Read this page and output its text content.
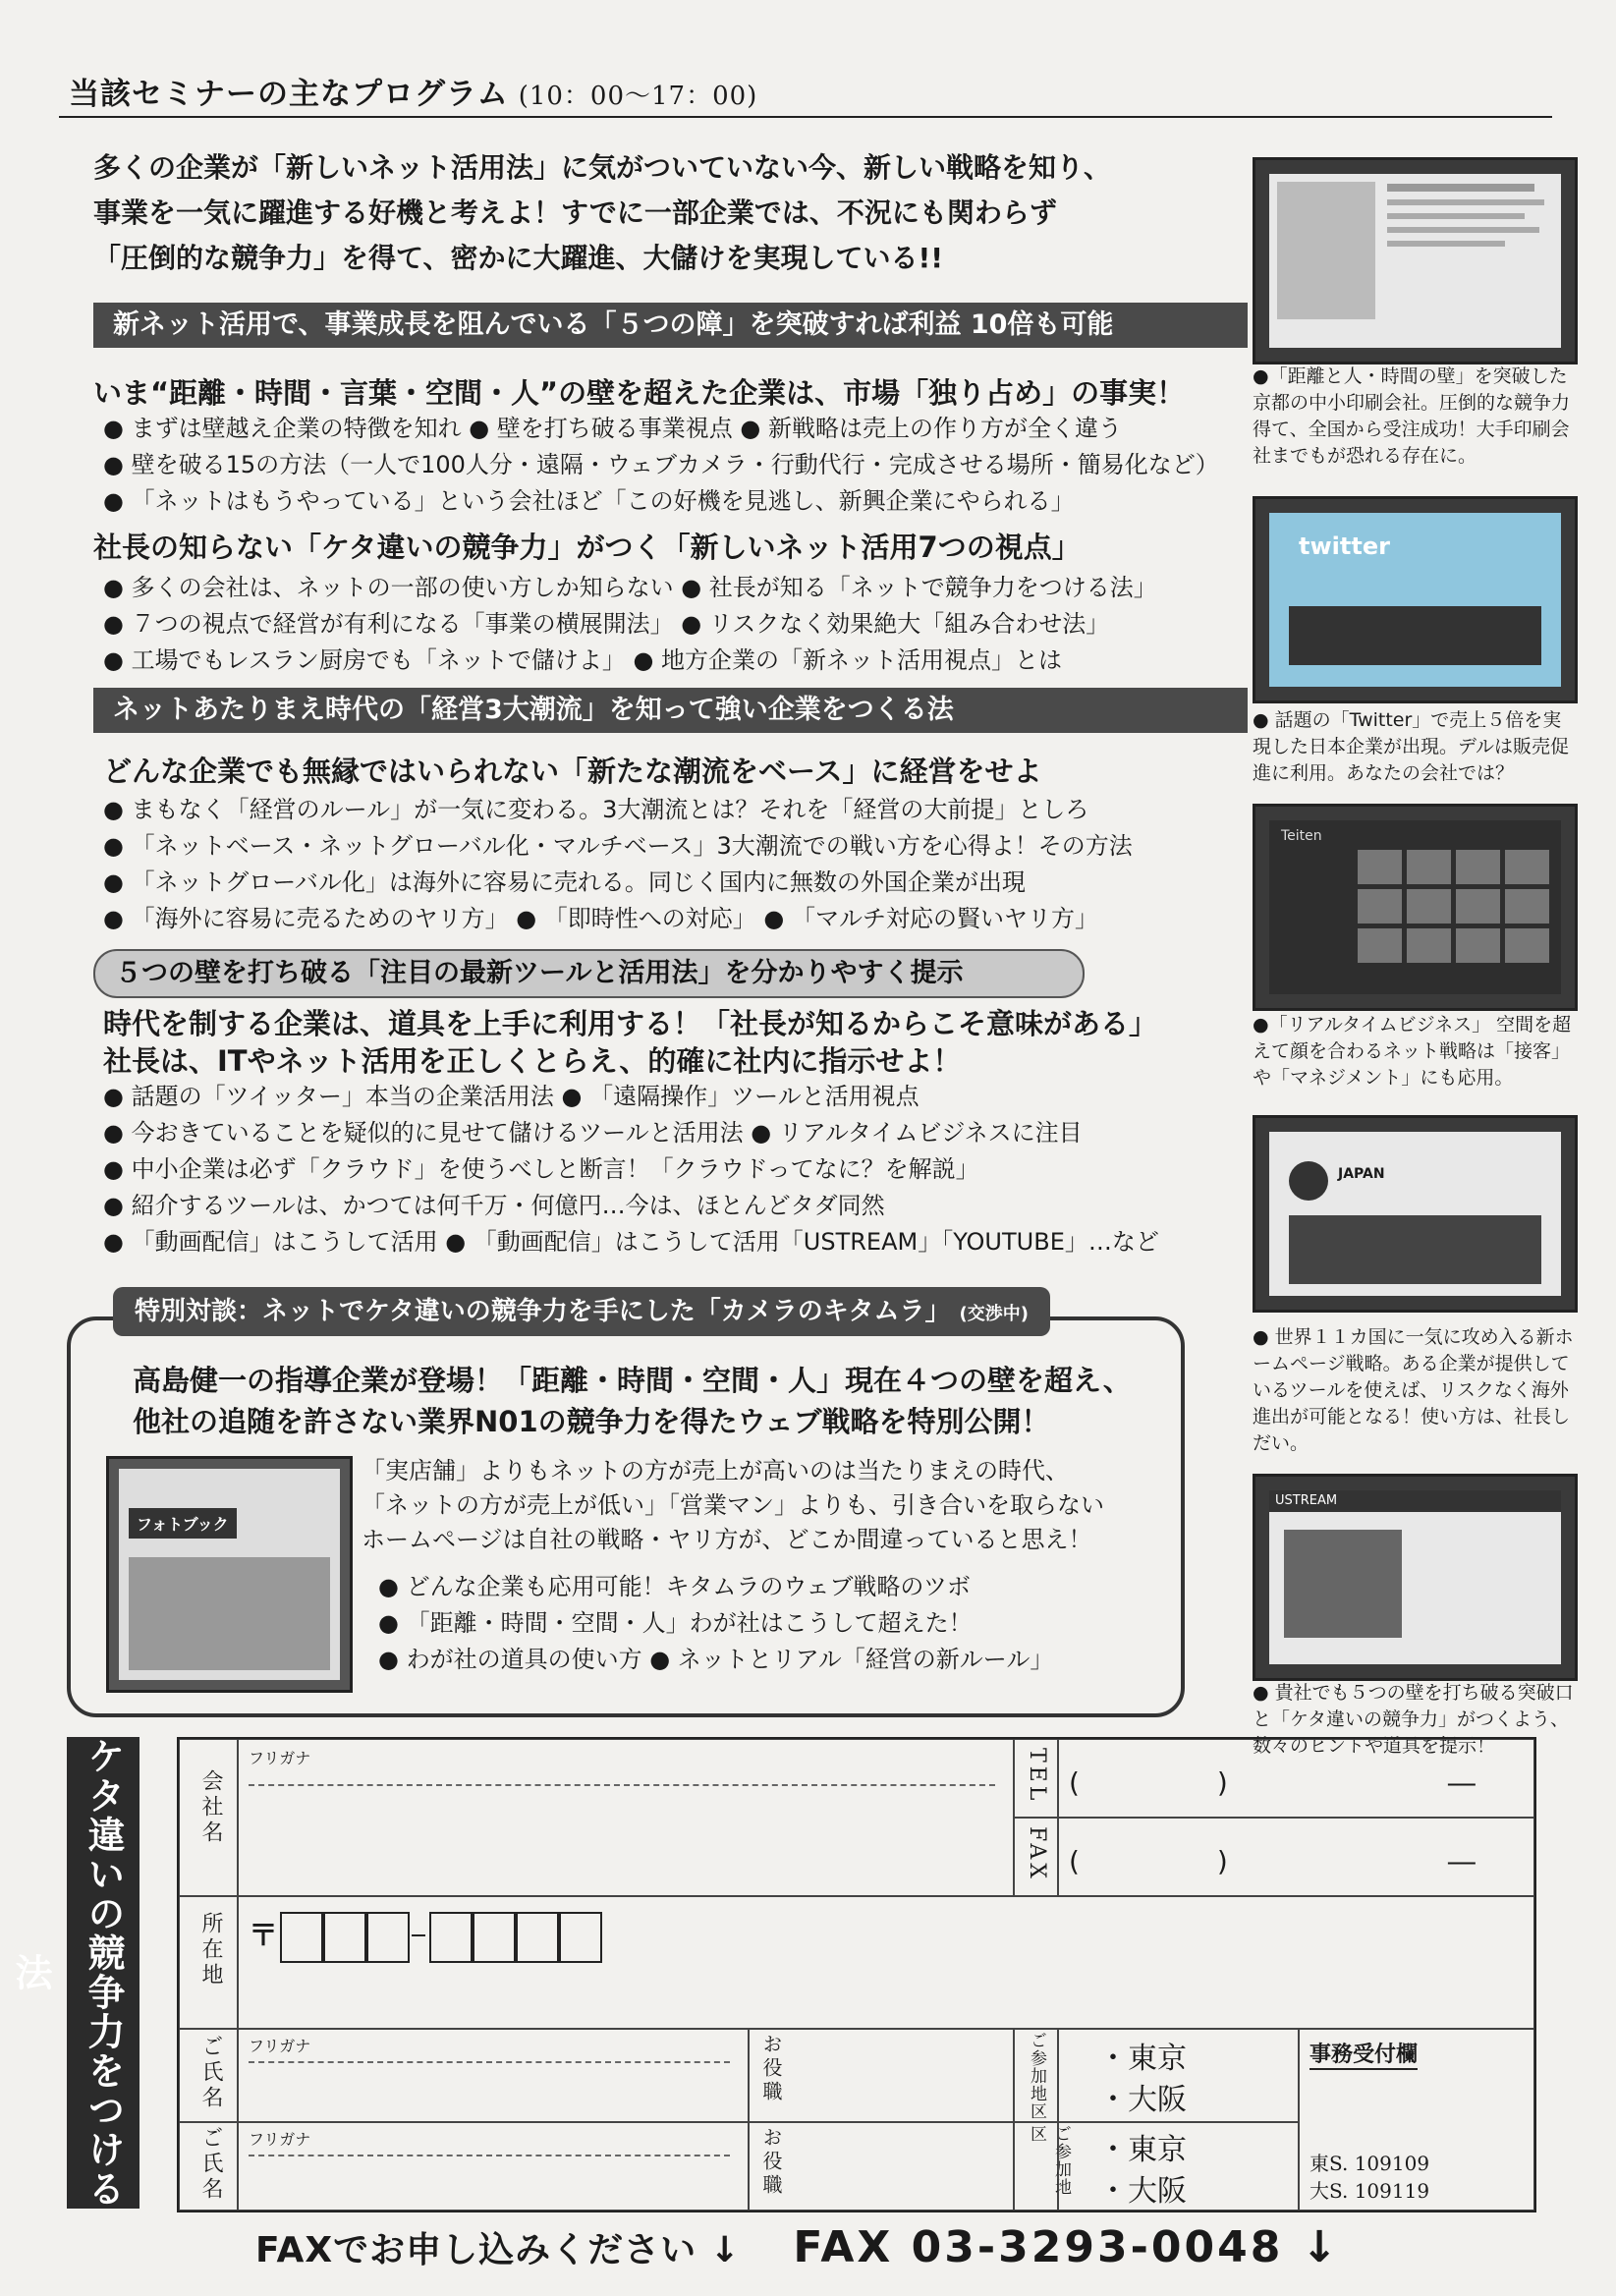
当該セミナーの主なプログラム (10：00〜17：00)
多くの企業が「新しいネット活用法」に気がついていない今、新しい戦略を知り、
事業を一気に躍進する好機と考えよ！すでに一部企業では、不況にも関わらず
「圧倒的な競争力」を得て、密かに大躍進、大儲けを実現している!!
新ネット活用で、事業成長を阻んでいる「５つの障」を突破すれば利益 10倍も可能
いま“距離・時間・言葉・空間・人”の壁を超えた企業は、市場「独り占め」の事実！
● まずは壁越え企業の特徴を知れ ● 壁を打ち破る事業視点 ● 新戦略は売上の作り方が全く違う
● 壁を破る15の方法（一人で100人分・遠隔・ウェブカメラ・行動代行・完成させる場所・簡易化など）
● 「ネットはもうやっている」という会社ほど「この好機を見逃し、新興企業にやられる」
社長の知らない「ケタ違いの競争力」がつく「新しいネット活用7つの視点」
● 多くの会社は、ネットの一部の使い方しか知らない ● 社長が知る「ネットで競争力をつける法」
● ７つの視点で経営が有利になる「事業の横展開法」 ● リスクなく効果絶大「組み合わせ法」
● 工場でもレスラン厨房でも「ネットで儲けよ」 ● 地方企業の「新ネット活用視点」とは
ネットあたりまえ時代の「経営3大潮流」を知って強い企業をつくる法
どんな企業でも無縁ではいられない「新たな潮流をベース」に経営をせよ
● まもなく「経営のルール」が一気に変わる。3大潮流とは？それを「経営の大前提」としろ
● 「ネットベース・ネットグローバル化・マルチベース」3大潮流での戦い方を心得よ！その方法
● 「ネットグローバル化」は海外に容易に売れる。同じく国内に無数の外国企業が出現
● 「海外に容易に売るためのヤリ方」 ● 「即時性への対応」 ● 「マルチ対応の賢いヤリ方」
５つの壁を打ち破る「注目の最新ツールと活用法」を分かりやすく提示
時代を制する企業は、道具を上手に利用する！「社長が知るからこそ意味がある」
社長は、ITやネット活用を正しくとらえ、的確に社内に指示せよ！
● 話題の「ツイッター」本当の企業活用法 ● 「遠隔操作」ツールと活用視点
● 今おきていることを疑似的に見せて儲けるツールと活用法 ● リアルタイムビジネスに注目
● 中小企業は必ず「クラウド」を使うべしと断言！「クラウドってなに？を解説」
● 紹介するツールは、かつては何千万・何億円…今は、ほとんどタダ同然
● 「動画配信」はこうして活用 ● 「動画配信」はこうして活用「USTREAM」「YOUTUBE」…など
●「距離と人・時間の壁」を突破した京都の中小印刷会社。圧倒的な競争力得て、全国から受注成功！大手印刷会社までもが恐れる存在に。
twitter
● 話題の「Twitter」で売上５倍を実現した日本企業が出現。デルは販売促進に利用。あなたの会社では？
Teiten
●「リアルタイムビジネス」 空間を超えて顔を合わるネット戦略は「接客」や「マネジメント」にも応用。
JAPAN
● 世界１１カ国に一気に攻め入る新ホームページ戦略。ある企業が提供しているツールを使えば、リスクなく海外進出が可能となる！使い方は、社長しだい。
USTREAM
● 貴社でも５つの壁を打ち破る突破口と「ケタ違いの競争力」がつくよう、数々のヒントや道具を提示！
特別対談：ネットでケタ違いの競争力を手にした「カメラのキタムラ」 (交渉中)
高島健一の指導企業が登場！「距離・時間・空間・人」現在４つの壁を超え、
他社の追随を許さない業界N01の競争力を得たウェブ戦略を特別公開！
フォトブック
「実店舗」よりもネットの方が売上が高いのは当たりまえの時代、
「ネットの方が売上が低い」「営業マン」よりも、引き合いを取らない
ホームページは自社の戦略・ヤリ方が、どこか間違っていると思え！
● どんな企業も応用可能！キタムラのウェブ戦略のツボ
● 「距離・時間・空間・人」わが社はこうして超えた！
● わが社の道具の使い方 ● ネットとリアル「経営の新ルール」
ケタ違いの競争力をつける法
会社名
フリガナ	TEL (　　　　　)　　　　　　　　―
FAX (　　　　　)　　　　　　　　―
所在地 〒
ご氏名 フリガナ	お役職	ご参加地区 ・東京
・大阪
ご氏名 フリガナ	お役職	ご参加地区	・東京
・大阪
事務受付欄
東S. 109109
大S. 109119
FAXでお申し込みください ↓ FAX 03-3293-0048 ↓
